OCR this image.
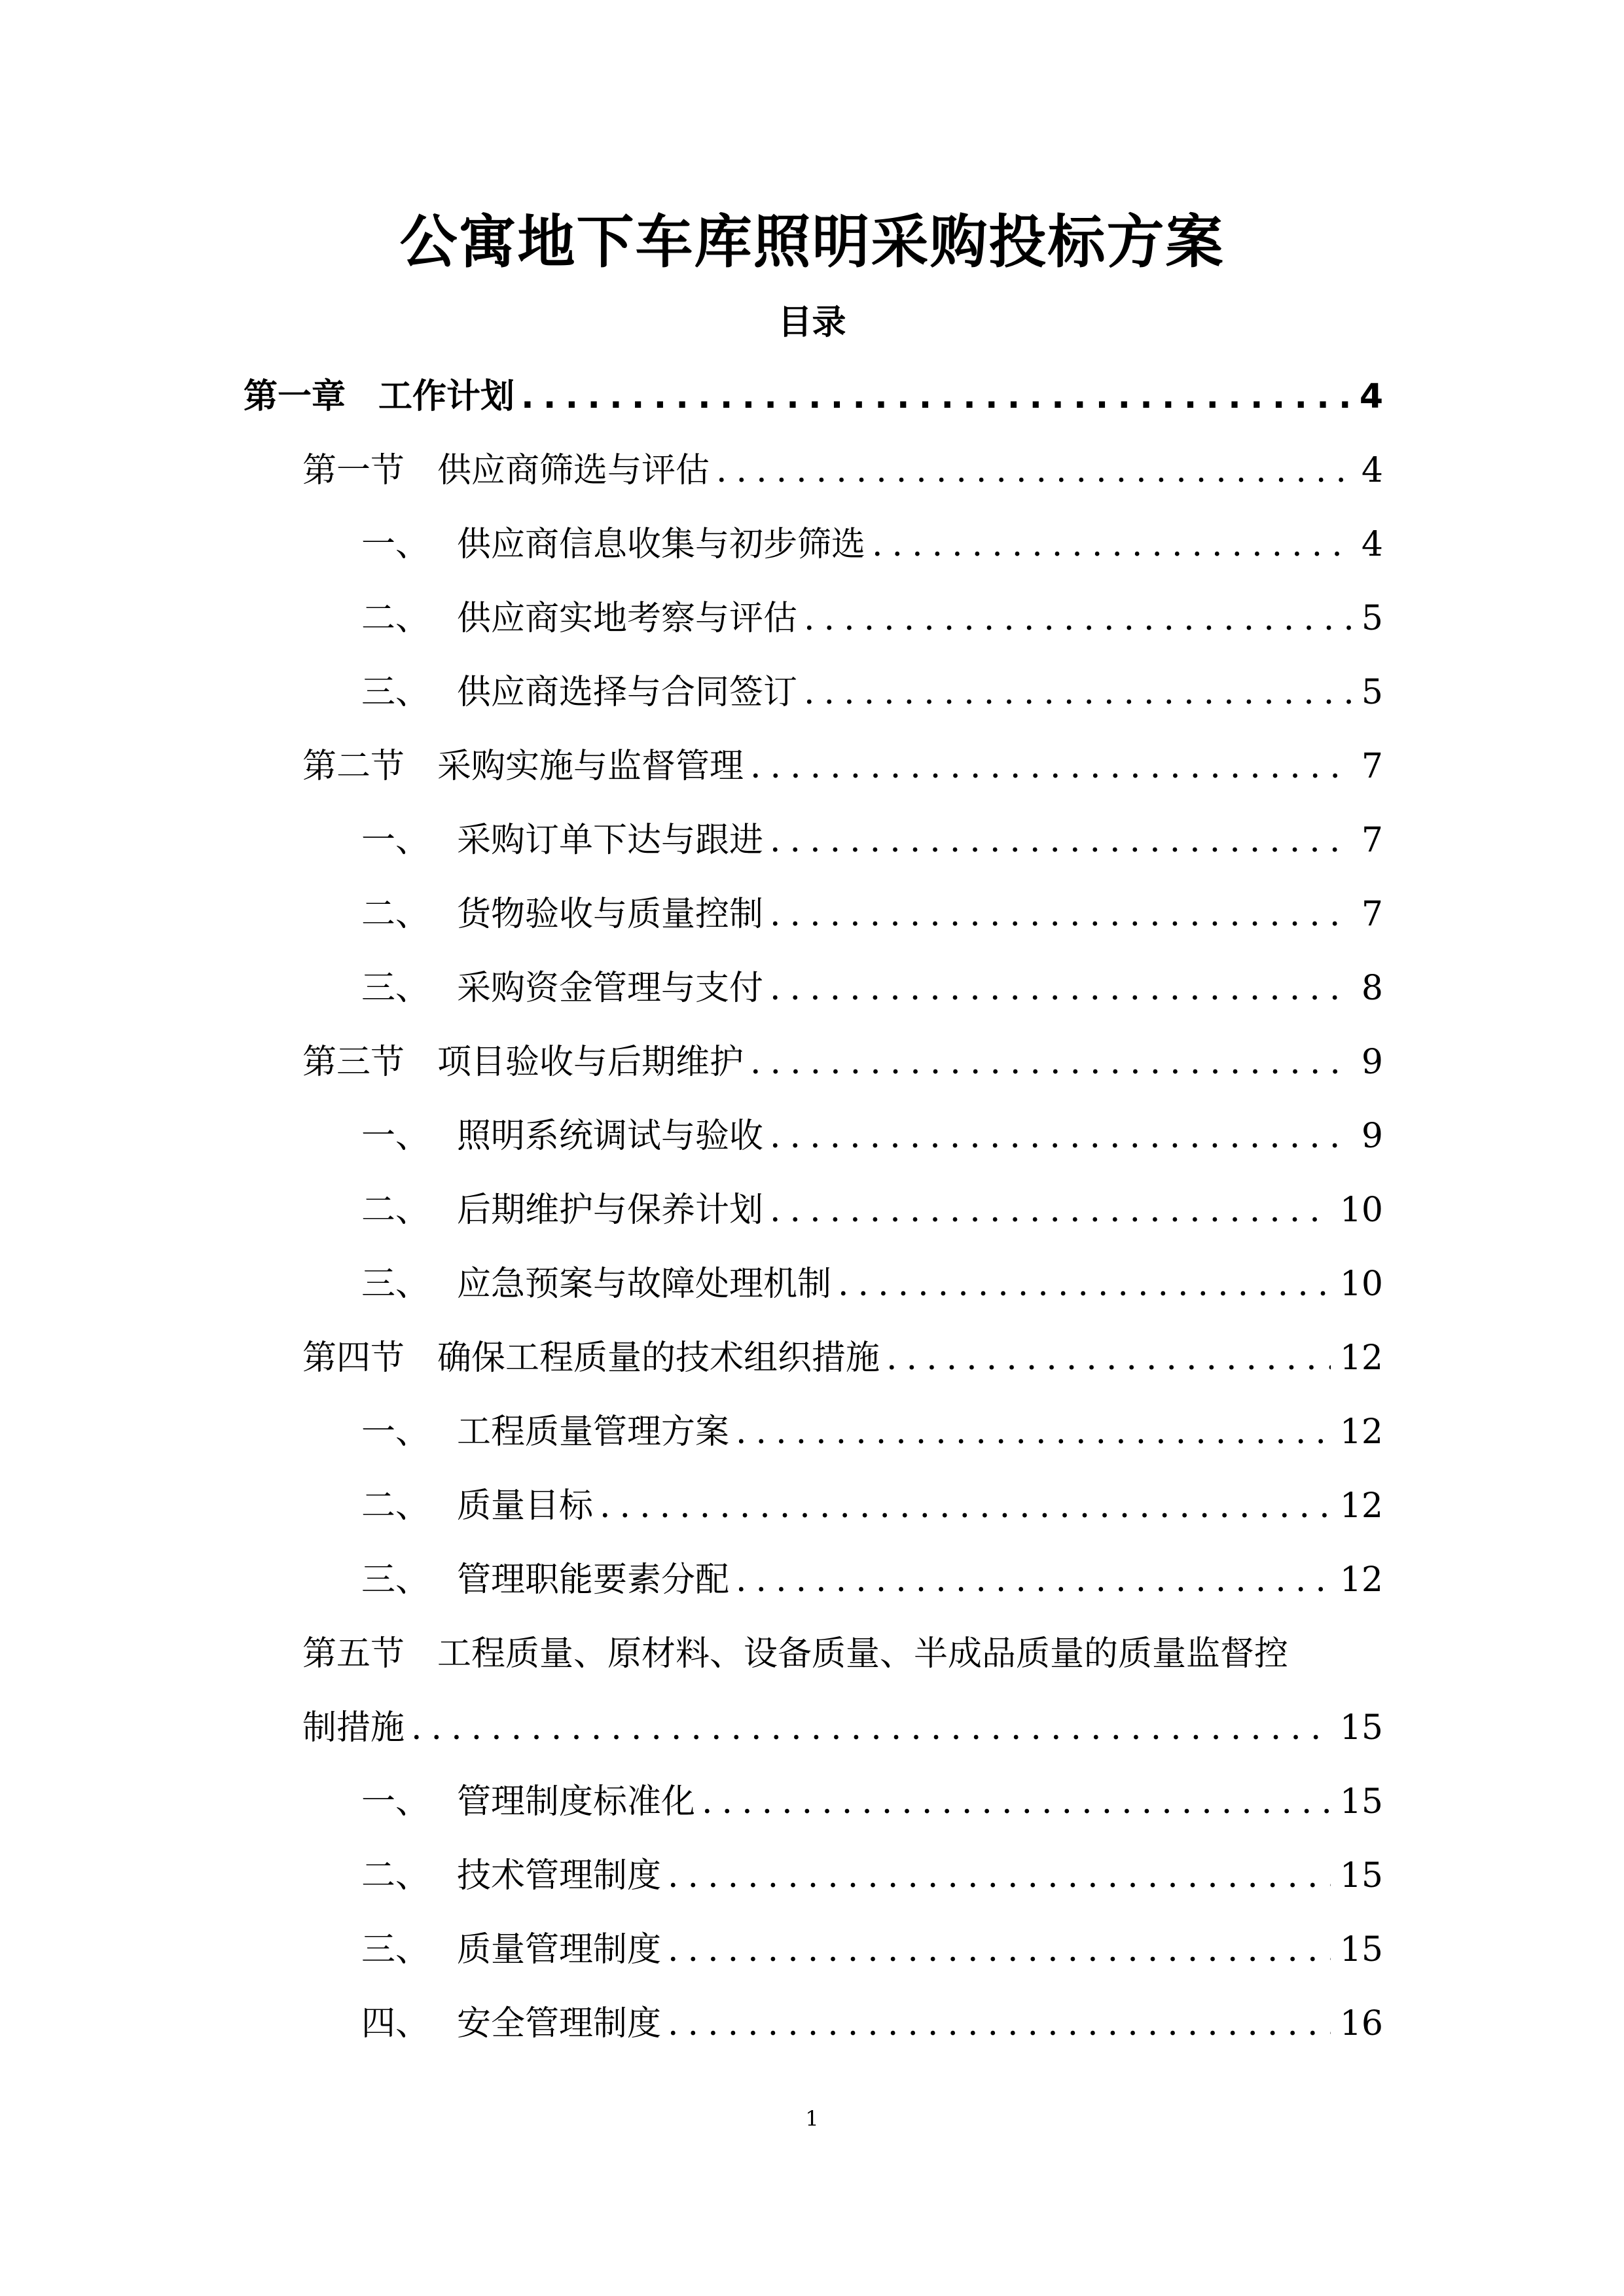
公寓地下车库照明采购投标方案
目录
第一章 工作计划 .....	4
第一节 供应商筛选与评估 .....	4
一、 供应商信息收集与初步筛选 .....	4
二、 供应商实地考察与评估 .....	5
三、 供应商选择与合同签订 .....	5
第二节 采购实施与监督管理 .....	7
一、 采购订单下达与跟进 .....	7
二、 货物验收与质量控制 .....	7
三、 采购资金管理与支付 .....	8
第三节 项目验收与后期维护 .....	9
一、 照明系统调试与验收 .....	9
二、 后期维护与保养计划 .....	10
三、 应急预案与故障处理机制 .....	10
第四节 确保工程质量的技术组织措施 .....	12
一、 工程质量管理方案 .....	12
二、 质量目标 .....	12
三、 管理职能要素分配 .....	12
第五节 工程质量、原材料、设备质量、半成品质量的质量监督控
制措施 .....	15
一、 管理制度标准化 .....	15
二、 技术管理制度 .....	15
三、 质量管理制度 .....	15
四、 安全管理制度 .....	16
1
